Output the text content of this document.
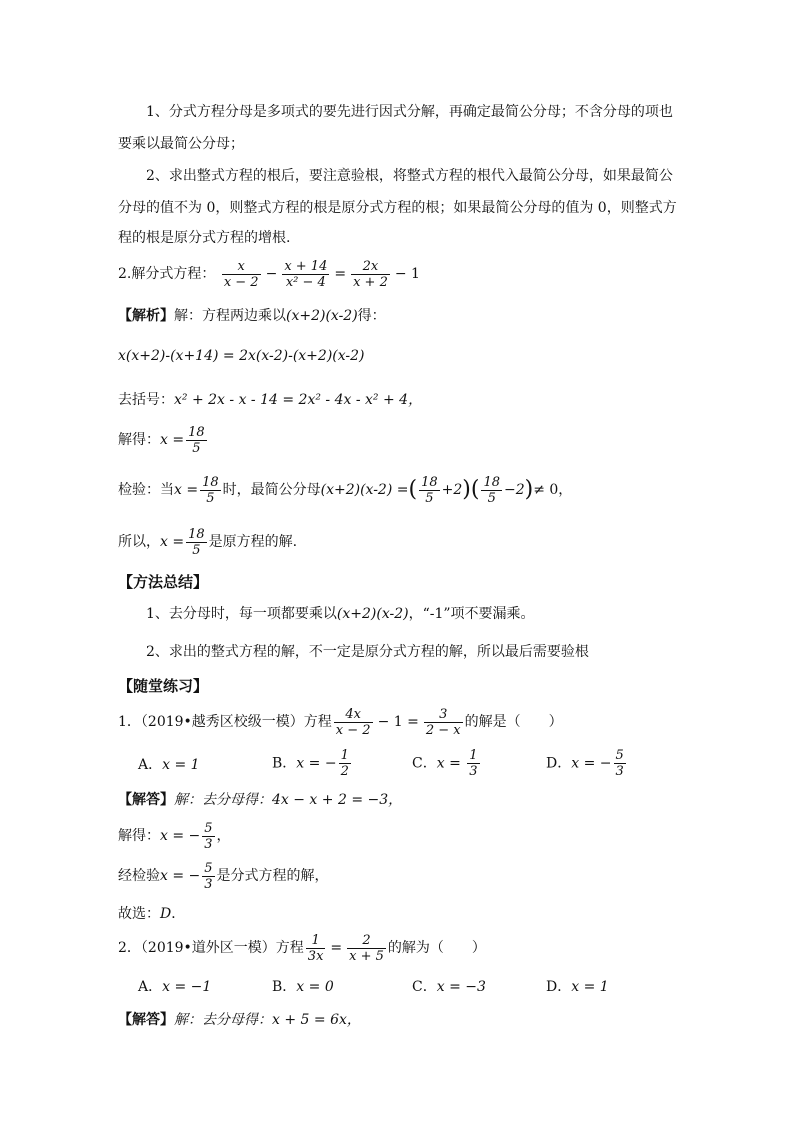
1、分式方程分母是多项式的要先进行因式分解，再确定最简公分母；不含分母的项也
要乘以最简公分母；
2、求出整式方程的根后，要注意验根，将整式方程的根代入最简公分母，如果最简公
分母的值不为 0，则整式方程的根是原分式方程的根；如果最简公分母的值为 0，则整式方
程的根是原分式方程的增根.
2.解分式方程： $\frac{x}{x - 2} - \frac{x + 14}{\text{x² − 4}} = \frac{2x}{x + 2} - 1$
【解析】解：方程两边乘以(x+2)(x-2)得：
x(x+2)-(x+14) = 2x(x-2)-(x+2)(x-2)
去括号：x² + 2x - x - 14 = 2x² - 4x - x² + 4，
解得：$x = \frac{18}{5}$
检验：当$x = \frac{18}{5}$ 时，最简公分母(x+2)(x-2) =( $\frac{18}{5} +2)( \frac{18}{5} -2)\ne 0$，
所以，$x = \frac{18}{5}$ 是原方程的解.
【方法总结】
1、去分母时，每一项都要乘以(x+2)(x-2)，“-1”项不要漏乘。
2、求出的整式方程的解，不一定是原分式方程的解，所以最后需要验根
【随堂练习】
1．（2019•越秀区校级一模）方程 $\frac{4x}{x - 2} - 1 = \frac{3}{2 - x}$ 的解是（　　）
A．x = 1	B．x = − $\frac{1}{2}$	C．$x = \frac{1}{3}$	D．x = − $\frac{5}{3}$
【解答】解：去分母得：4x − x + 2 = −3，
解得：x = − $\frac{5}{3}$ ，
经检验x = − $\frac{5}{3}$ 是分式方程的解，
故选：D．
2．（2019•道外区一模）方程 $\frac{1}{3x} = \frac{2}{x + 5}$ 的解为（　　）
A．x = −1	B．x = 0	C．x = −3	D．x = 1
【解答】解：去分母得：x + 5 = 6x，
